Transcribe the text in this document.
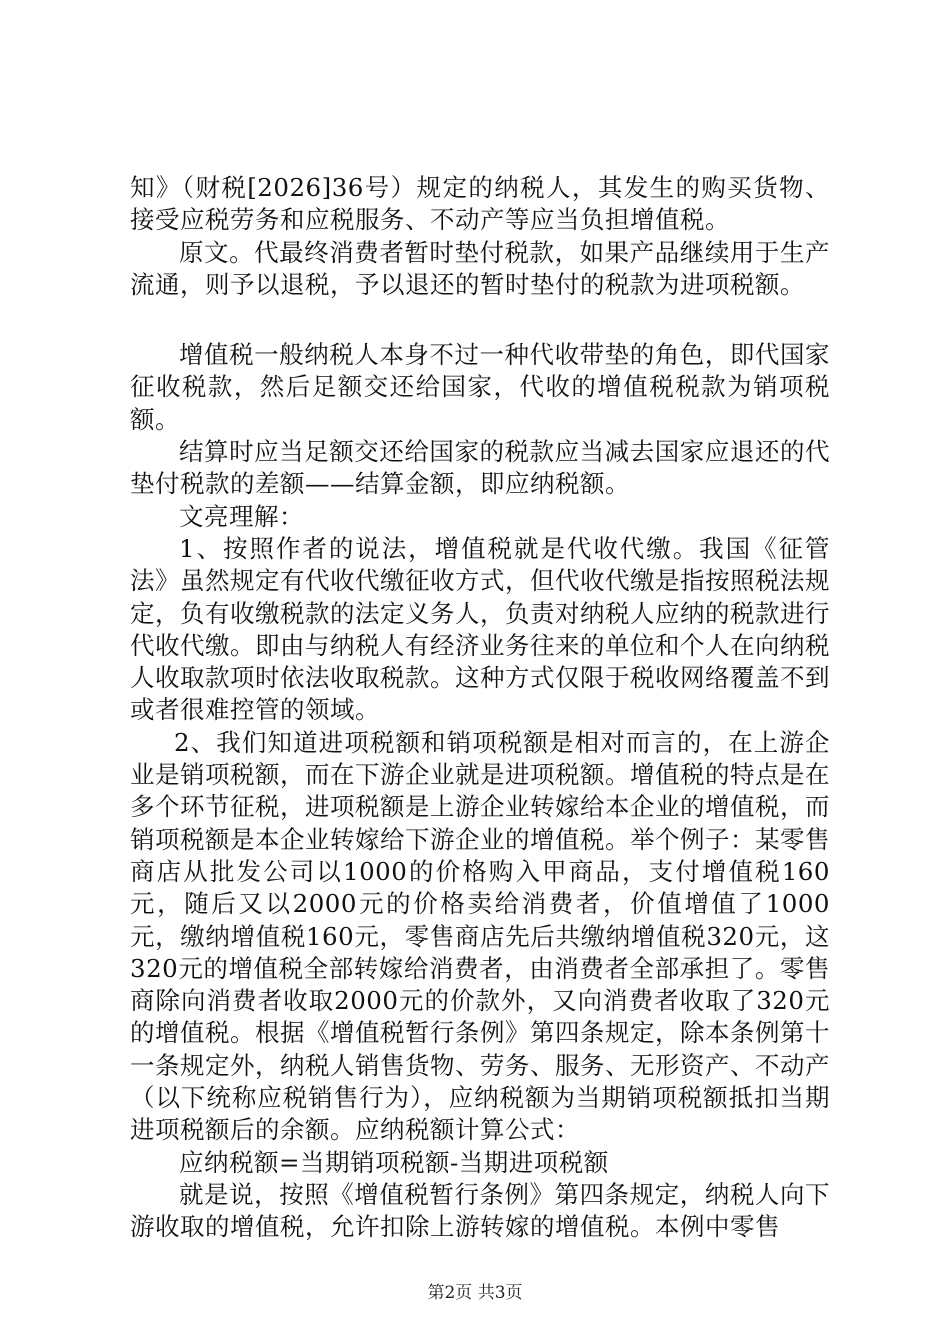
知》（财税[2026]36号）规定的纳税人，其发生的购买货物、接受应税劳务和应税服务、不动产等应当负担增值税。

原文。代最终消费者暂时垫付税款，如果产品继续用于生产流通，则予以退税，予以退还的暂时垫付的税款为进项税额。

增值税一般纳税人本身不过一种代收带垫的角色，即代国家征收税款，然后足额交还给国家，代收的增值税税款为销项税额。

结算时应当足额交还给国家的税款应当减去国家应退还的代垫付税款的差额——结算金额，即应纳税额。

文亮理解：

1、按照作者的说法，增值税就是代收代缴。我国《征管法》虽然规定有代收代缴征收方式，但代收代缴是指按照税法规定，负有收缴税款的法定义务人，负责对纳税人应纳的税款进行代收代缴。即由与纳税人有经济业务往来的单位和个人在向纳税人收取款项时依法收取税款。这种方式仅限于税收网络覆盖不到或者很难控管的领域。

2、我们知道进项税额和销项税额是相对而言的，在上游企业是销项税额，而在下游企业就是进项税额。增值税的特点是在多个环节征税，进项税额是上游企业转嫁给本企业的增值税，而销项税额是本企业转嫁给下游企业的增值税。举个例子：某零售商店从批发公司以1000的价格购入甲商品，支付增值税160元，随后又以2000元的价格卖给消费者，价值增值了1000元，缴纳增值税160元，零售商店先后共缴纳增值税320元，这320元的增值税全部转嫁给消费者，由消费者全部承担了。零售商除向消费者收取2000元的价款外，又向消费者收取了320元的增值税。根据《增值税暂行条例》第四条规定，除本条例第十一条规定外，纳税人销售货物、劳务、服务、无形资产、不动产（以下统称应税销售行为），应纳税额为当期销项税额抵扣当期进项税额后的余额。应纳税额计算公式：

应纳税额=当期销项税额-当期进项税额

就是说，按照《增值税暂行条例》第四条规定，纳税人向下游收取的增值税，允许扣除上游转嫁的增值税。本例中零售

第2页 共3页
